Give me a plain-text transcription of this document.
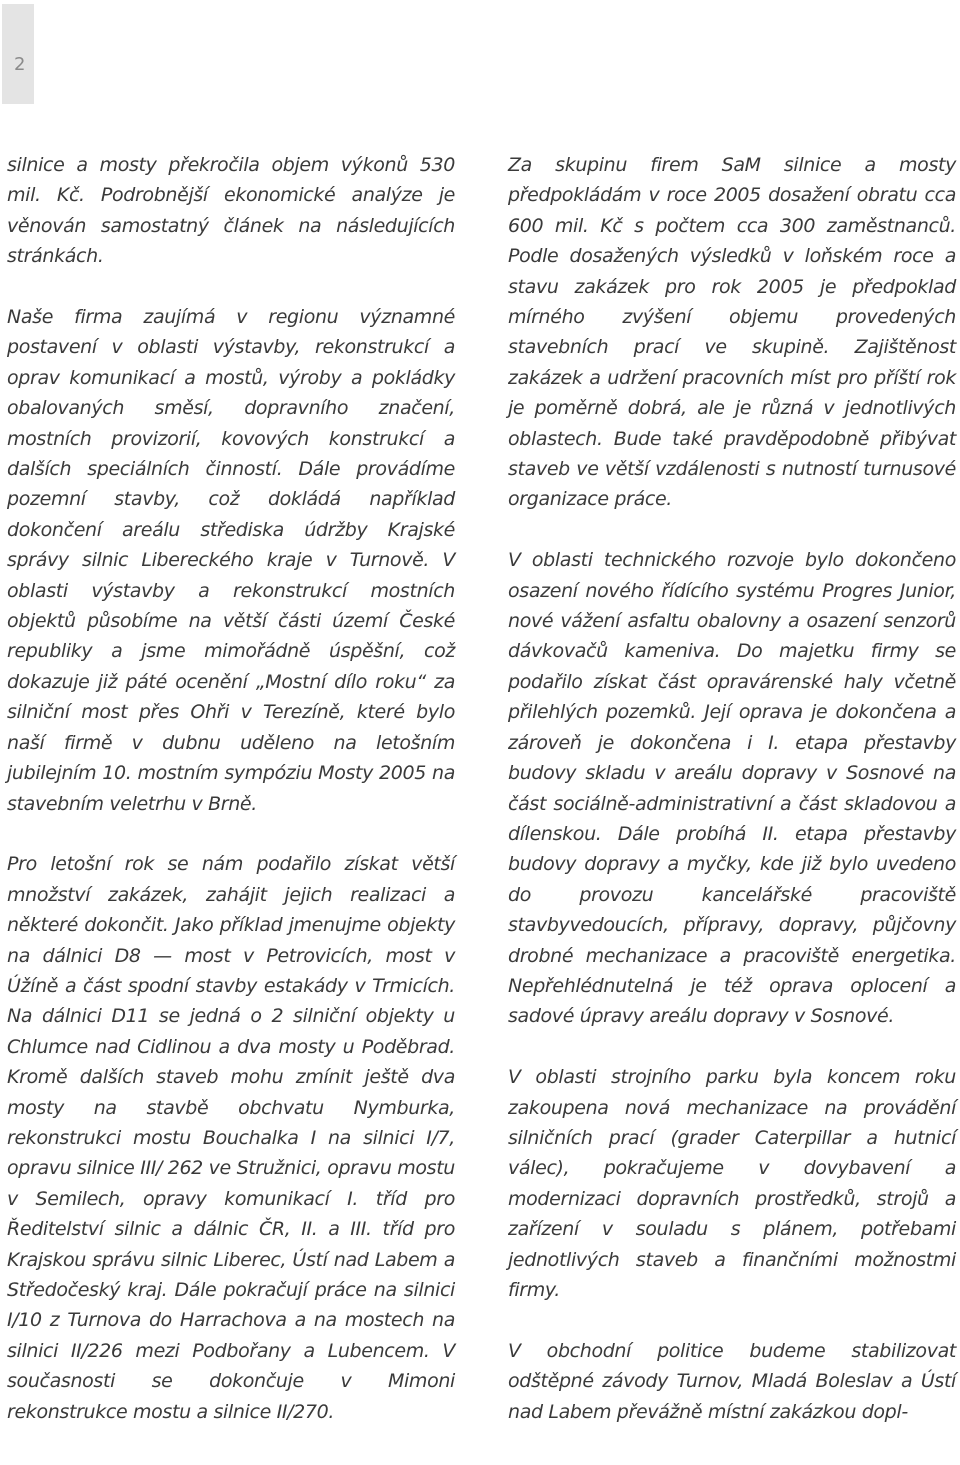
2

silnice a mosty překročila objem výkonů 530 mil. Kč. Podrobnější ekonomické analýze je věnován samostatný článek na následujících stránkách.

Naše firma zaujímá v regionu významné postavení v oblasti výstavby, rekonstrukcí a oprav komunikací a mostů, výroby a pokládky obalovaných směsí, dopravního značení, mostních provizorií, kovových konstrukcí a dalších speciálních činností. Dále provádíme pozemní stavby, což dokládá například dokončení areálu střediska údržby Krajské správy silnic Libereckého kraje v Turnově. V oblasti výstavby a rekonstrukcí mostních objektů působíme na větší části území České republiky a jsme mimořádně úspěšní, což dokazuje již páté ocenění „Mostní dílo roku“ za silniční most přes Ohři v Terezíně, které bylo naší firmě v dubnu uděleno na letošním jubilejním 10. mostním sympóziu Mosty 2005 na stavebním veletrhu v Brně.

Pro letošní rok se nám podařilo získat větší množství zakázek, zahájit jejich realizaci a některé dokončit. Jako příklad jmenujme objekty na dálnici D8 — most v Petrovicích, most v Úžíně a část spodní stavby estakády v Trmicích. Na dálnici D11 se jedná o 2 silniční objekty u Chlumce nad Cidlinou a dva mosty u Poděbrad. Kromě dalších staveb mohu zmínit ještě dva mosty na stavbě obchvatu Nymburka, rekonstrukci mostu Bouchalka I na silnici I/7, opravu silnice III/ 262 ve Stružnici, opravu mostu v Semilech, opravy komunikací I. tříd pro Ředitelství silnic a dálnic ČR, II. a III. tříd pro Krajskou správu silnic Liberec, Ústí nad Labem a Středočeský kraj. Dále pokračují práce na silnici I/10 z Turnova do Harrachova a na mostech na silnici II/226 mezi Podbořany a Lubencem. V současnosti se dokončuje v Mimoni rekonstrukce mostu a silnice II/270.

Za skupinu firem SaM silnice a mosty předpokládám v roce 2005 dosažení obratu cca 600 mil. Kč s počtem cca 300 zaměstnanců. Podle dosažených výsledků v loňském roce a stavu zakázek pro rok 2005 je předpoklad mírného zvýšení objemu provedených stavebních prací ve skupině. Zajištěnost zakázek a udržení pracovních míst pro příští rok je poměrně dobrá, ale je různá v jednotlivých oblastech. Bude také pravděpodobně přibývat staveb ve větší vzdálenosti s nutností turnusové organizace práce.

V oblasti technického rozvoje bylo dokončeno osazení nového řídícího systému Progres Junior, nové vážení asfaltu obalovny a osazení senzorů dávkovačů kameniva. Do majetku firmy se podařilo získat část opravárenské haly včetně přilehlých pozemků. Její oprava je dokončena a zároveň je dokončena i I. etapa přestavby budovy skladu v areálu dopravy v Sosnové na část sociálně-administrativní a část skladovou a dílenskou. Dále probíhá II. etapa přestavby budovy dopravy a myčky, kde již bylo uvedeno do provozu kancelářské pracoviště stavbyvedoucích, přípravy, dopravy, půjčovny drobné mechanizace a pracoviště energetika. Nepřehlédnutelná je též oprava oplocení a sadové úpravy areálu dopravy v Sosnové.

V oblasti strojního parku byla koncem roku zakoupena nová mechanizace na provádění silničních prací (grader Caterpillar a hutnicí válec), pokračujeme v dovybavení a modernizaci dopravních prostředků, strojů a zařízení v souladu s plánem, potřebami jednotlivých staveb a finančními možnostmi firmy.

V obchodní politice budeme stabilizovat odštěpné závody Turnov, Mladá Boleslav a Ústí nad Labem převážně místní zakázkou dopl-
